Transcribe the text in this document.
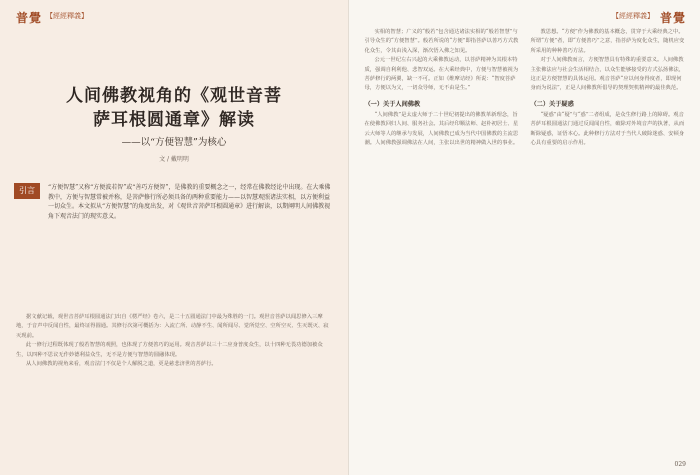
普覺 【經經釋義】
人间佛教视角的《观世音菩
萨耳根圆通章》解读
——以“方便智慧”为核心
文 / 戴明明
引言	“方便智慧”又称“方便波若智”或“善巧方便智”，是佛教的重要概念之一，经常在佛教经论中出现。在大乘佛教中，方便与智慧常被并称，是菩萨修行所必须具备的两种重要能力——以智慧观照诸法实相，以方便利益一切众生。本文拟从“方便智慧”的角度出发，对《观世音菩萨耳根圆通章》进行解读，以期阐明人间佛教视角下观音法门的现实意义。

据文献记载，观世音菩萨耳根圆通法门出自《楞严经》卷六，是二十五圆通法门中最为殊胜的一门。观世音菩萨以闻思修入三摩地，于音声中反闻自性，最终证得圆通。其修行次第可概括为：入流亡所、动静不生、闻所闻尽、觉所觉空、空所空灭、生灭既灭、寂灭现前。

此一修行过程既体现了般若智慧的观照，也体现了方便善巧的运用。观音菩萨以三十二应身普度众生，以十四种无畏功德加被众生，以四种不思议无作妙德利益众生，无不是方便与智慧的圆融体现。

从人间佛教的视角来看，观音法门不仅是个人解脱之道，更是慈悲济世的菩萨行。

【經經釋義】 普覺

实相的智慧；广义的“般若”包含通达诸法实相的“般若智慧”与引导众生的“方便智慧”。般若所说的“方便”即指菩萨以善巧方式教化众生，令其由浅入深，渐次悟入佛之知见。

公元一世纪左右兴起的大乘佛教运动，以菩萨精神为其根本特质，强调自利利他、悲智双运。在大乘经典中，方便与智慧被视为菩萨修行的两翼，缺一不可。正如《维摩诘经》所说：“智度菩萨母，方便以为父，一切众导师，无不由是生。”

（一）关于人间佛教

“人间佛教”是太虚大师于二十世纪初提出的佛教革新理念，旨在使佛教回归人间、服务社会。其后经印顺法师、赵朴初居士、星云大师等人的继承与发展，人间佛教已成为当代中国佛教的主流思潮。人间佛教强调佛法在人间，主张以出世的精神做入世的事业。

教思想。“方便”作为佛教的基本概念，贯穿于大乘经典之中。所谓“方便”者，即“方便善巧”之意，指菩萨为度化众生，随机应变所采用的种种善巧方法。

对于人间佛教而言，方便智慧具有特殊的重要意义。人间佛教主张佛法应与社会生活相结合，以众生能够接受的方式弘扬佛法，这正是方便智慧的具体运用。观音菩萨“应以何身得度者，即现何身而为说法”，正是人间佛教所倡导的契理契机精神的最佳典范。

（二）关于疑惑

“疑惑”由“疑”与“惑”二者组成，是众生修行路上的障碍。观音菩萨耳根圆通法门通过反闻闻自性，破除对外境音声的执著，从而断除疑惑，证悟本心。此种修行方法对于当代人破除迷惑、安顿身心具有重要的启示作用。

029
